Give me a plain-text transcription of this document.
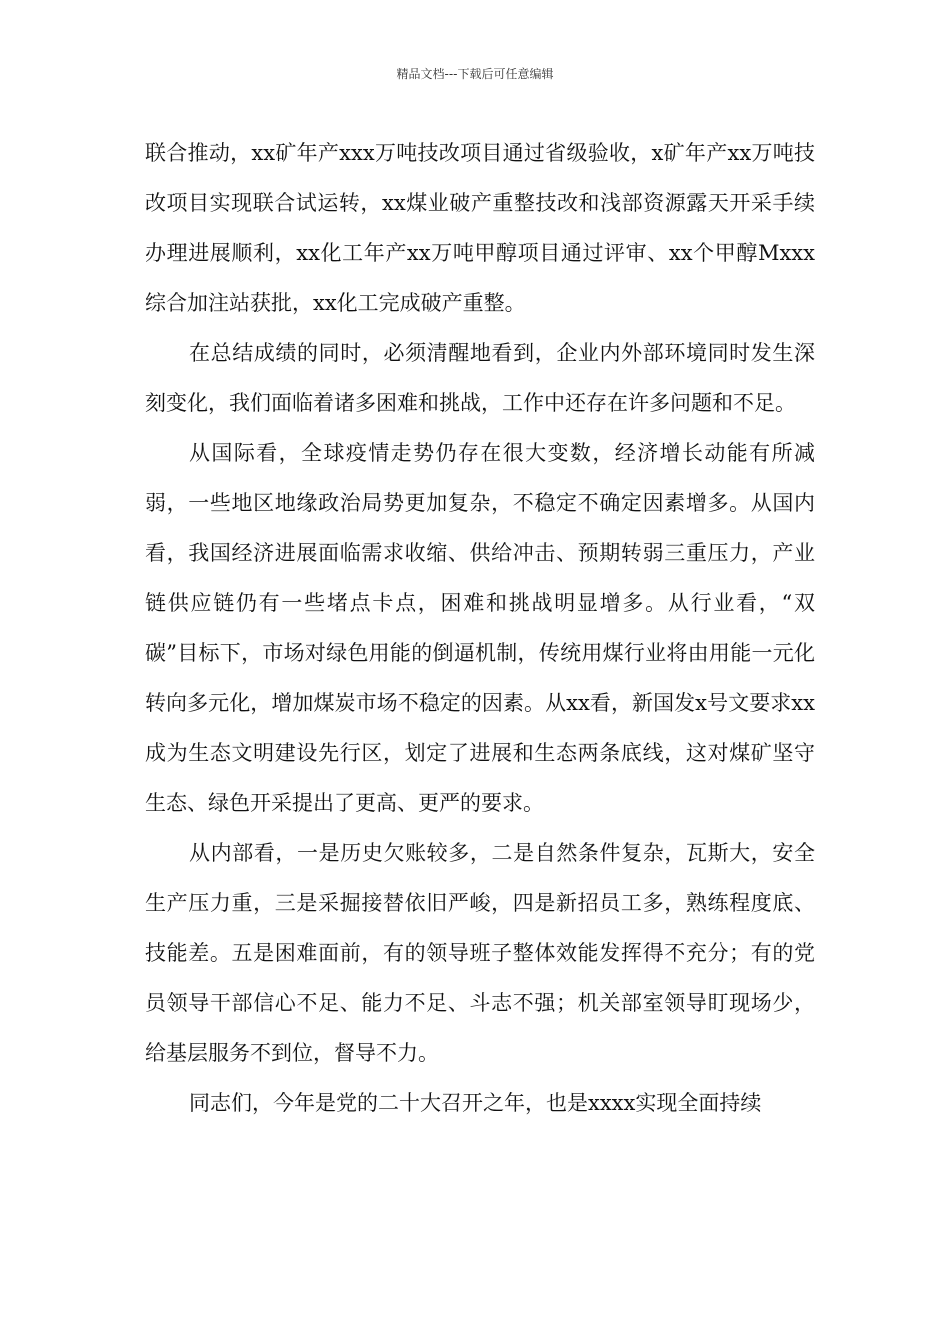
精品文档---下载后可任意编辑

联合推动，xx矿年产xxx万吨技改项目通过省级验收，x矿年产xx万吨技改项目实现联合试运转，xx煤业破产重整技改和浅部资源露天开采手续办理进展顺利，xx化工年产xx万吨甲醇项目通过评审、xx个甲醇Mxxx综合加注站获批，xx化工完成破产重整。

在总结成绩的同时，必须清醒地看到，企业内外部环境同时发生深刻变化，我们面临着诸多困难和挑战，工作中还存在许多问题和不足。

从国际看，全球疫情走势仍存在很大变数，经济增长动能有所减弱，一些地区地缘政治局势更加复杂，不稳定不确定因素增多。从国内看，我国经济进展面临需求收缩、供给冲击、预期转弱三重压力，产业链供应链仍有一些堵点卡点，困难和挑战明显增多。从行业看，“双碳”目标下，市场对绿色用能的倒逼机制，传统用煤行业将由用能一元化转向多元化，增加煤炭市场不稳定的因素。从xx看，新国发x号文要求xx成为生态文明建设先行区，划定了进展和生态两条底线，这对煤矿坚守生态、绿色开采提出了更高、更严的要求。

从内部看，一是历史欠账较多，二是自然条件复杂，瓦斯大，安全生产压力重，三是采掘接替依旧严峻，四是新招员工多，熟练程度底、技能差。五是困难面前，有的领导班子整体效能发挥得不充分；有的党员领导干部信心不足、能力不足、斗志不强；机关部室领导盯现场少，给基层服务不到位，督导不力。

同志们，今年是党的二十大召开之年，也是xxxx实现全面持续
